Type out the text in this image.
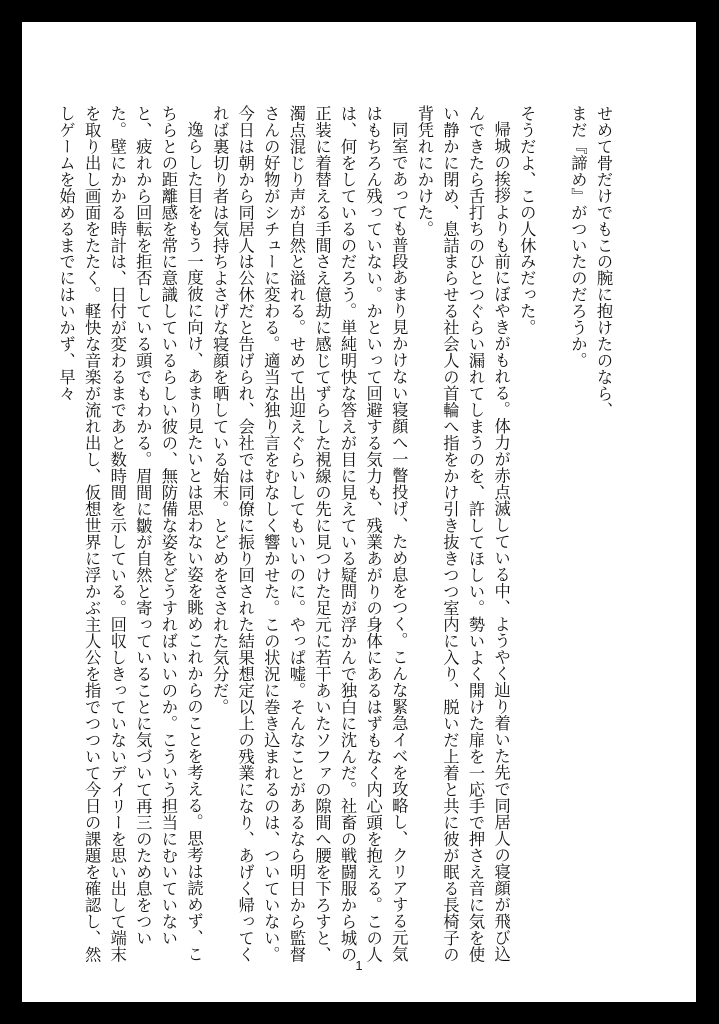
せめて骨だけでもこの腕に抱けたのなら、

まだ『諦め』がついたのだろうか。

そうだよ、この人休みだった。

帰城の挨拶よりも前にぼやきがもれる。体力が赤点滅している中、ようやく辿り着いた先で同居人の寝顔が飛び込んできたら舌打ちのひとつぐらい漏れてしまうのを、許してほしい。勢いよく開けた扉を一応手で押さえ音に気を使い静かに閉め、息詰まらせる社会人の首輪へ指をかけ引き抜きつつ室内に入り、脱いだ上着と共に彼が眠る長椅子の背凭れにかけた。

同室であっても普段あまり見かけない寝顔へ一瞥投げ、ため息をつく。こんな緊急イベを攻略し、クリアする元気はもちろん残っていない。かといって回避する気力も、残業あがりの身体にあるはずもなく内心頭を抱える。この人は、何をしているのだろう。単純明快な答えが目に見えている疑問が浮かんで独白に沈んだ。社畜の戦闘服から城の正装に着替える手間さえ億劫に感じてずらした視線の先に見つけた足元に若干あいたソファの隙間へ腰を下ろすと、濁点混じり声が自然と溢れる。せめて出迎えぐらいしてもいいのに。やっぱ嘘。そんなことがあるなら明日から監督さんの好物がシチューに変わる。適当な独り言をむなしく響かせた。この状況に巻き込まれるのは、ついていない。今日は朝から同居人は公休だと告げられ、会社では同僚に振り回された結果想定以上の残業になり、あげく帰ってくれば裏切り者は気持ちよさげな寝顔を晒している始末。とどめをさされた気分だ。

逸らした目をもう一度彼に向け、あまり見たいとは思わない姿を眺めこれからのことを考える。思考は読めず、こちらとの距離感を常に意識しているらしい彼の、無防備な姿をどうすればいいのか。こういう担当にむいていないと、疲れから回転を拒否している頭でもわかる。眉間に皺が自然と寄っていることに気づいて再三のため息をついた。壁にかかる時計は、日付が変わるまであと数時間を示している。回収しきっていないデイリーを思い出して端末を取り出し画面をたたく。軽快な音楽が流れ出し、仮想世界に浮かぶ主人公を指でつついて今日の課題を確認し、然しゲームを始めるまでにはいかず、早々

1
